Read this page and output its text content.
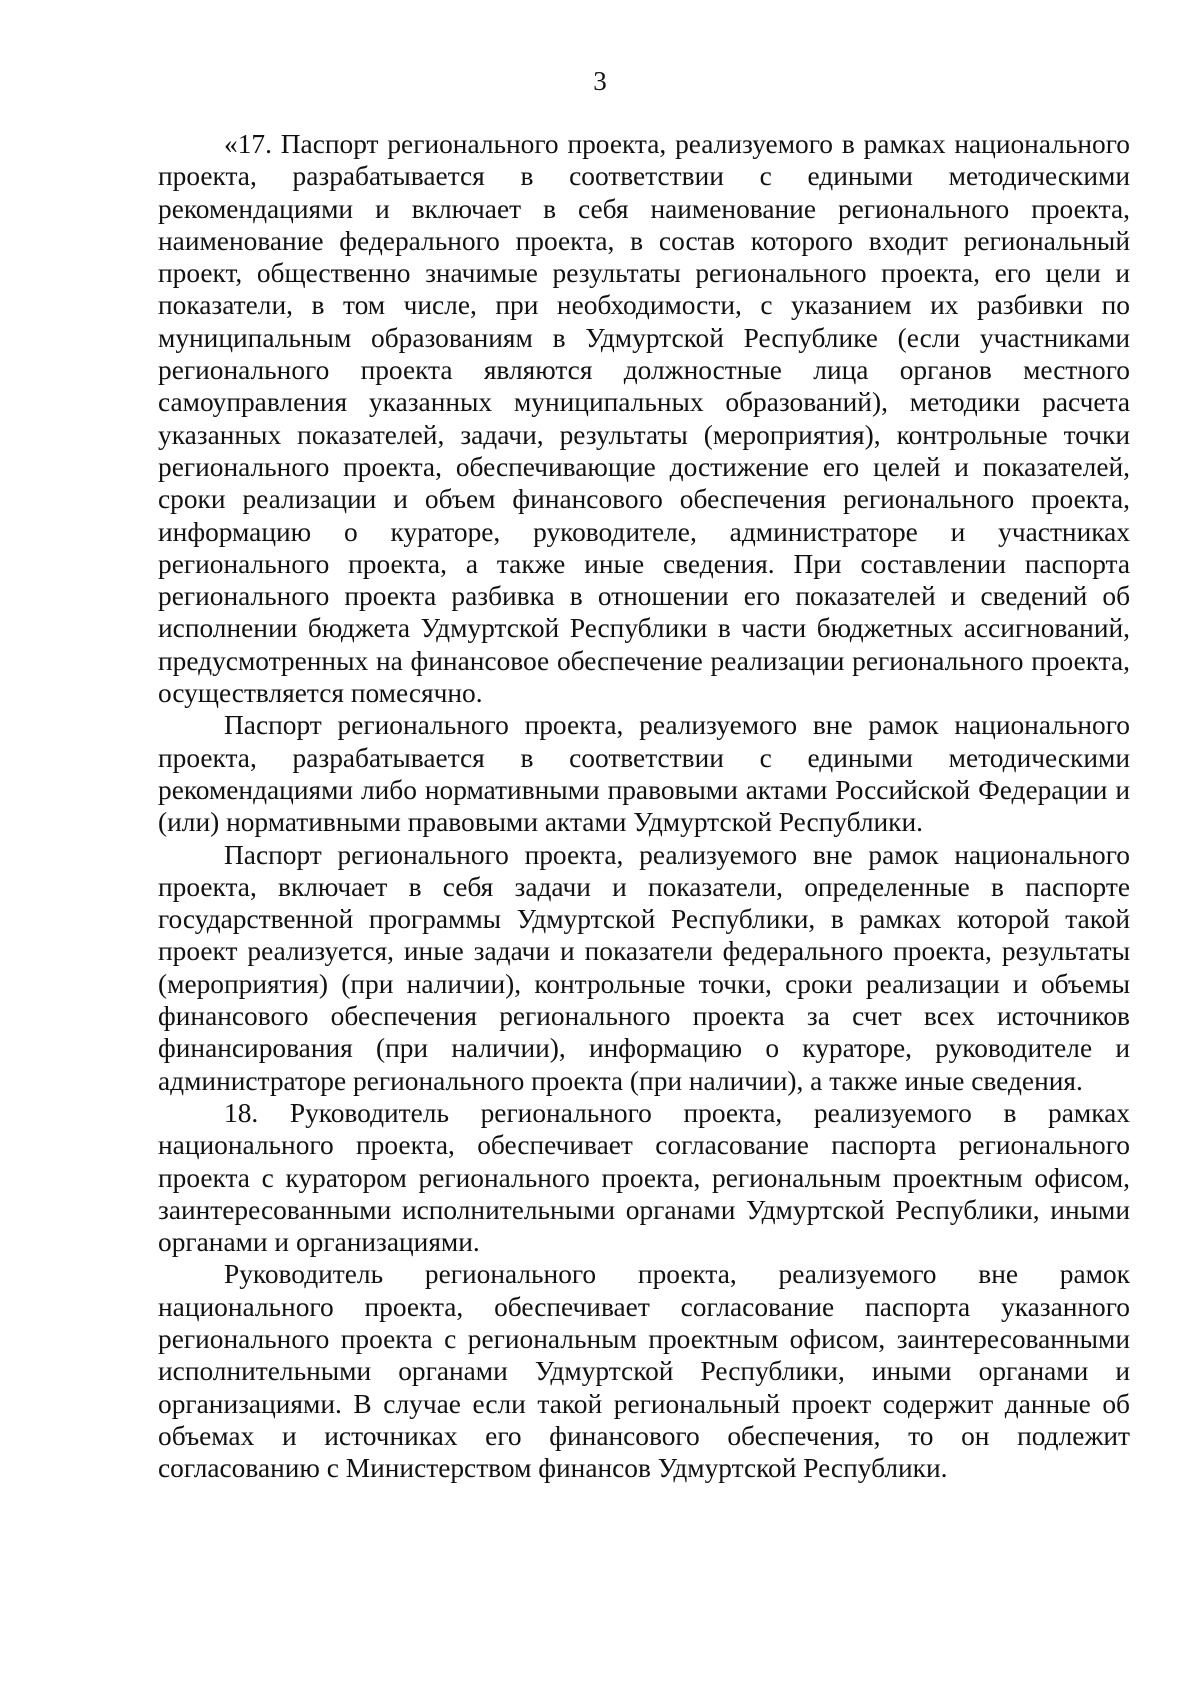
3

«17. Паспорт регионального проекта, реализуемого в рамках национального проекта, разрабатывается в соответствии с едиными методическими рекомендациями и включает в себя наименование регионального проекта, наименование федерального проекта, в состав которого входит региональный проект, общественно значимые результаты регионального проекта, его цели и показатели, в том числе, при необходимости, с указанием их разбивки по муниципальным образованиям в Удмуртской Республике (если участниками регионального проекта являются должностные лица органов местного самоуправления указанных муниципальных образований), методики расчета указанных показателей, задачи, результаты (мероприятия), контрольные точки регионального проекта, обеспечивающие достижение его целей и показателей, сроки реализации и объем финансового обеспечения регионального проекта, информацию о кураторе, руководителе, администраторе и участниках регионального проекта, а также иные сведения. При составлении паспорта регионального проекта разбивка в отношении его показателей и сведений об исполнении бюджета Удмуртской Республики в части бюджетных ассигнований, предусмотренных на финансовое обеспечение реализации регионального проекта, осуществляется помесячно.

Паспорт регионального проекта, реализуемого вне рамок национального проекта, разрабатывается в соответствии с едиными методическими рекомендациями либо нормативными правовыми актами Российской Федерации и (или) нормативными правовыми актами Удмуртской Республики.

Паспорт регионального проекта, реализуемого вне рамок национального проекта, включает в себя задачи и показатели, определенные в паспорте государственной программы Удмуртской Республики, в рамках которой такой проект реализуется, иные задачи и показатели федерального проекта, результаты (мероприятия) (при наличии), контрольные точки, сроки реализации и объемы финансового обеспечения регионального проекта за счет всех источников финансирования (при наличии), информацию о кураторе, руководителе и администраторе регионального проекта (при наличии), а также иные сведения.

18. Руководитель регионального проекта, реализуемого в рамках национального проекта, обеспечивает согласование паспорта регионального проекта с куратором регионального проекта, региональным проектным офисом, заинтересованными исполнительными органами Удмуртской Республики, иными органами и организациями.

Руководитель регионального проекта, реализуемого вне рамок национального проекта, обеспечивает согласование паспорта указанного регионального проекта с региональным проектным офисом, заинтересованными исполнительными органами Удмуртской Республики, иными органами и организациями. В случае если такой региональный проект содержит данные об объемах и источниках его финансового обеспечения, то он подлежит согласованию с Министерством финансов Удмуртской Республики.
